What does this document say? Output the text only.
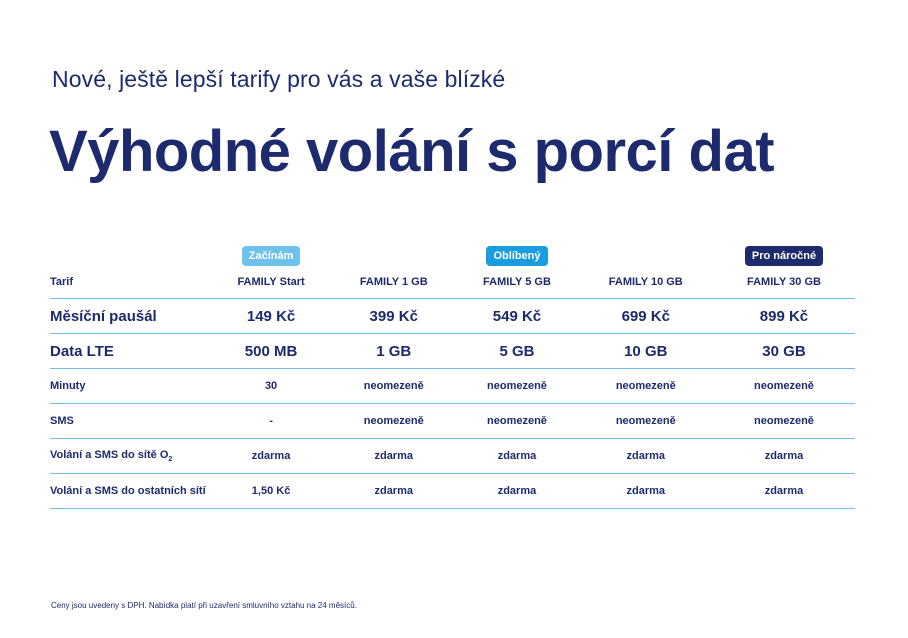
Nové, ještě lepší tarify pro vás a vaše blízké
Výhodné volání s porcí dat
	Začínám		Oblíbený		Pro náročné
Tarif	FAMILY Start	FAMILY 1 GB	FAMILY 5 GB	FAMILY 10 GB	FAMILY 30 GB
Měsíční paušál	149 Kč	399 Kč	549 Kč	699 Kč	899 Kč
Data LTE	500 MB	1 GB	5 GB	10 GB	30 GB
Minuty	30	neomezeně	neomezeně	neomezeně	neomezeně
SMS	-	neomezeně	neomezeně	neomezeně	neomezeně
Volání a SMS do sítě $O_2$	zdarma	zdarma	zdarma	zdarma	zdarma
Volání a SMS do ostatních sítí	1,50 Kč	zdarma	zdarma	zdarma	zdarma
Ceny jsou uvedeny s DPH. Nabídka platí při uzavření smluvního vztahu na 24 měsíců.
